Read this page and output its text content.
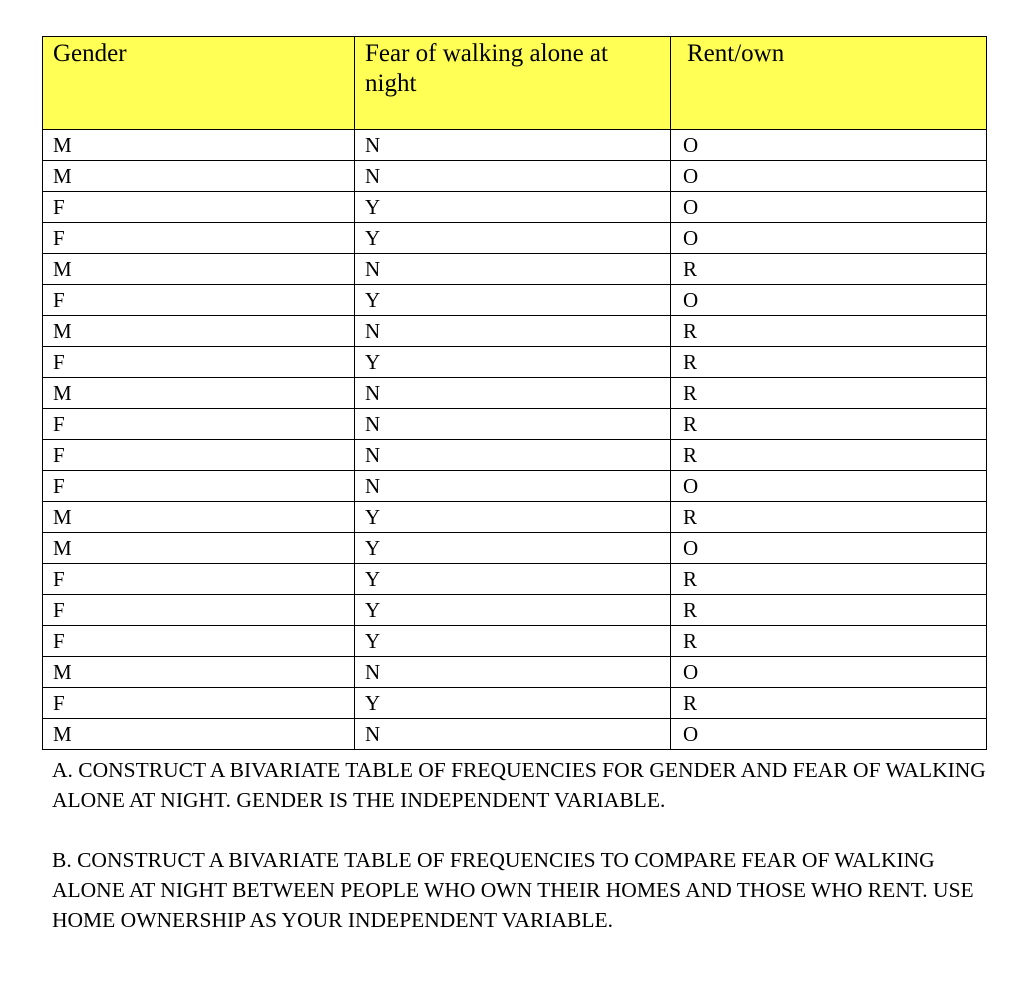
Gender	Fear of walking alone at night	Rent/own
M	N	O
M	N	O
F	Y	O
F	Y	O
M	N	R
F	Y	O
M	N	R
F	Y	R
M	N	R
F	N	R
F	N	R
F	N	O
M	Y	R
M	Y	O
F	Y	R
F	Y	R
F	Y	R
M	N	O
F	Y	R
M	N	O

A. CONSTRUCT A BIVARIATE TABLE OF FREQUENCIES FOR GENDER AND FEAR OF WALKING ALONE AT NIGHT. GENDER IS THE INDEPENDENT VARIABLE.

B. CONSTRUCT A BIVARIATE TABLE OF FREQUENCIES TO COMPARE FEAR OF WALKING ALONE AT NIGHT BETWEEN PEOPLE WHO OWN THEIR HOMES AND THOSE WHO RENT. USE HOME OWNERSHIP AS YOUR INDEPENDENT VARIABLE.
